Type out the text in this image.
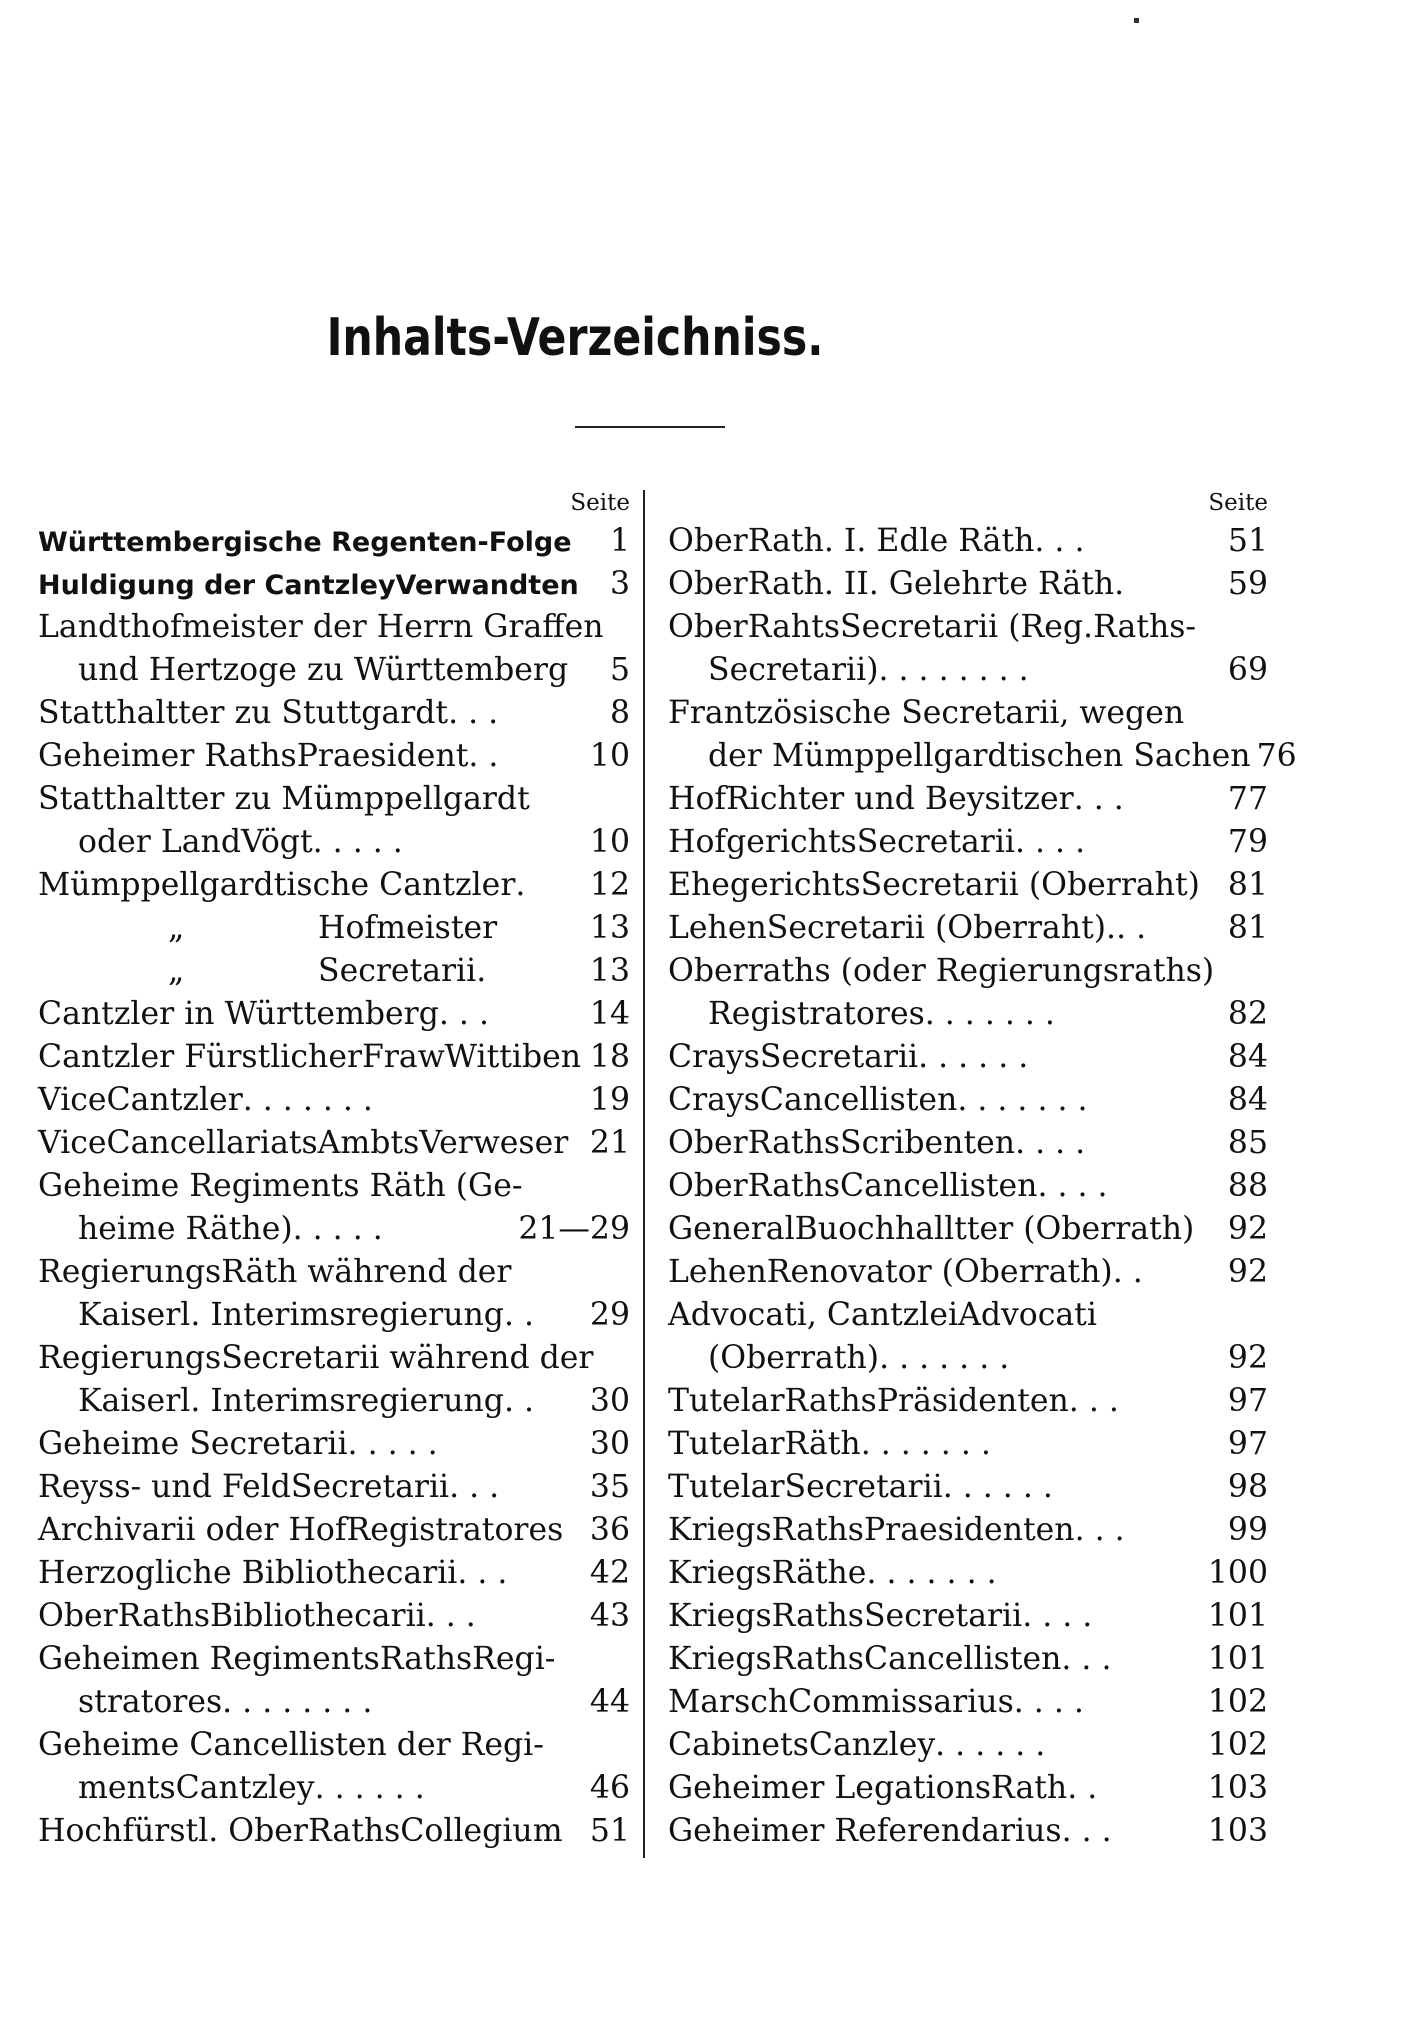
Inhalts-Verzeichniss.
Seite
Württembergische Regenten-Folge	1
Huldigung der CantzleyVerwandten 3
Landthofmeister der Herrn Graffen
und Hertzoge zu Württemberg	5
Statthaltter zu Stuttgardt . . .	8
Geheimer RathsPraesident . .	10
Statthaltter zu Mümppellgardt
oder LandVögt . . . . .	10
Mümppellgardtische Cantzler .	12
„	Hofmeister	13
„	Secretarii .	13
Cantzler in Württemberg . . .	14
Cantzler FürstlicherFrawWittiben 18
ViceCantzler . . . . . . .	19
ViceCancellariatsAmbtsVerweser 21
Geheime Regiments Räth (Ge-
heime Räthe) . . . . .	21—29
RegierungsRäth während der
Kaiserl. Interimsregierung . .	29
RegierungsSecretarii während der
Kaiserl. Interimsregierung . .	30
Geheime Secretarii . . . . .	30
Reyss- und FeldSecretarii . . .	35
Archivarii oder HofRegistratores 36
Herzogliche Bibliothecarii . . .	42
OberRathsBibliothecarii . . .	43
Geheimen RegimentsRathsRegi-
stratores . . . . . . . .	44
Geheime Cancellisten der Regi-
mentsCantzley . . . . . .	46
Hochfürstl. OberRathsCollegium 51
Seite
OberRath. I. Edle Räth . . .	51
OberRath. II. Gelehrte Räth .	59
OberRahtsSecretarii (Reg.Raths-
Secretarii) . . . . . . . .	69
Frantzösische Secretarii, wegen
der Mümppellgardtischen Sachen 76
HofRichter und Beysitzer . . .	77
HofgerichtsSecretarii . . . .	79
EhegerichtsSecretarii (Oberraht) 81
LehenSecretarii (Oberraht). . .	81
Oberraths (oder Regierungsraths)
Registratores . . . . . . .	82
CraysSecretarii . . . . . .	84
CraysCancellisten . . . . . . .	84
OberRathsScribenten . . . .	85
OberRathsCancellisten . . . .	88
GeneralBuochhalltter (Oberrath) 92
LehenRenovator (Oberrath) . .	92
Advocati, CantzleiAdvocati
(Oberrath) . . . . . . .	92
TutelarRathsPräsidenten . . .	97
TutelarRäth . . . . . . .	97
TutelarSecretarii . . . . . .	98
KriegsRathsPraesidenten . . .	99
KriegsRäthe . . . . . . .	100
KriegsRathsSecretarii . . . .	101
KriegsRathsCancellisten . . .	101
MarschCommissarius . . . .	102
CabinetsCanzley . . . . . .	102
Geheimer LegationsRath . .	103
Geheimer Referendarius . . .	103
